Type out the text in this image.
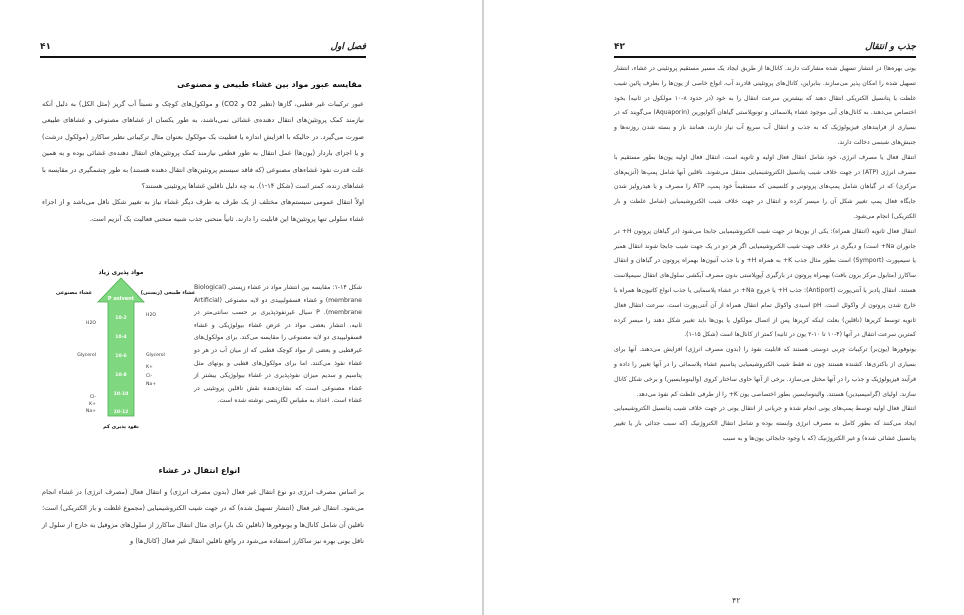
۴۱	فصل اول
مقایسه عبور مواد بین غشاء طبیعی و مصنوعی

عبور ترکیبات غیر قطبی، گازها (نظیر O2 و CO2) و مولکول‌های کوچک و نسبتاً آب گریز (مثل الکل) به دلیل آنکه نیازمند کمک پروتئین‌های انتقال دهنده‌ی غشائی نمی‌باشند، به طور یکسان از غشاهای مصنوعی و غشاهای طبیعی صورت می‌گیرد. در حالیکه با افزایش اندازه یا قطبیت یک مولکول بعنوان مثال ترکیباتی نظیر ساکارز (مولکول درشت) و یا اجزای باردار (یون‌ها) عمل انتقال به طور قطعی نیازمند کمک پروتئین‌های انتقال دهنده‌ی غشائی بوده و به همین علت قدرت نفوذ غشاء‌های مصنوعی (که فاقد سیستم پروتئین‌های انتقال دهنده هستند) به طور چشمگیری در مقایسه با غشاهای زنده، کمتر است (شکل ۱۴-۱). به چه دلیل ناقلین غشاها پروتئینی هستند؟

اولاً انتقال عمومی سیستم‌های مختلف از یک طرف به طرف دیگر غشاء نیاز به تغییر شکل ناقل می‌باشد و از اجزاء غشاء سلولی تنها پروتئین‌ها این قابلیت را دارند. ثانیاً منحنی جذب شبیه منحنی فعالیت یک آنزیم است.

مواد پذیری زیاد
غشاء مصنوعی	غشاء طبیعی (زیستی)
P solvent
10-2
10-4
10-6
10-8
10-10
10-12
H2O
Glycerol
Cl-
K+
Na+
H2O
Glycerol
K+
Cl-
Na+
نفوذ پذیری کم
شکل ۱۴-۱: مقایسه بین انتشار مواد در غشاء زیستی (Biological membrane) و غشاء فسفولیپیدی دو لایه مصنوعی (Artificial membrane). P سیال غیرنفوذپذیری بر حسب سانتی‌متر در ثانیه، انتشار بعضی مواد در عرض غشاء بیولوژیکی و غشاء فسفولیپیدی دو لایه مصنوعی را مقایسه می‌کند. برای مولکول‌های غیرقطبی و بعضی از مواد کوچک قطبی که از میان آب در هر دو غشاء نفوذ می‌کنند. اما برای مولکول‌های قطبی و یونهای مثل پتاسیم و سدیم میزان نفوذپذیری در غشاء بیولوژیکی بیشتر از غشاء مصنوعی است که نشان‌دهنده نقش ناقلین پروتئینی در غشاء است. اعداد به مقیاس لگاریتمی نوشته شده است.
انواع انتقال در غشاء

بر اساس مصرف انرژی دو نوع انتقال غیر فعال (بدون مصرف انرژی) و انتقال فعال (مصرف انرژی) در غشاء انجام می‌شود. انتقال غیر فعال (انتشار تسهیل شده) که در جهت شیب الکتروشیمیایی (مجموع غلظت و بار الکتریکی) است؛ ناقلین آن شامل کانال‌ها و یونوفورها (ناقلین تک بار) برای مثال انتقال ساکارز از سلول‌های مزوفیل به خارج از سلول از ناقل یونی بهره نیز ساکارز استفاده می‌شود در واقع ناقلین انتقال غیر فعال (کانال‌ها) و

۴۲	جذب و انتقال

یونی بهره‌ها) در انتشار تسهیل شده مشارکت دارند. کانال‌ها از طریق ایجاد یک مسیر مستقیم پروتئینی در غشاء، انتشار تسهیل شده را امکان پذیر می‌سازند. بنابراین، کانال‌های پروتئینی قادرند آب، انواع خاصی از یون‌ها را بطرف پائین شیب غلظت یا پتانسیل الکتریکی انتقال دهند که بیشترین سرعت انتقال را به خود (در حدود ۸-۱۰ مولکول در ثانیه) بخود اختصاص می‌دهند. به کانال‌های آبی موجود غشاء پلاسمائی و تونوپلاستی گیاهان آکواپورین (Aquaporin) می‌گویند که در بسیاری از فرایندهای فیزیولوژیک که به جذب و انتقال آب سریع آب نیاز دارند، همانند باز و بسته شدن روزنه‌ها و جنبش‌های شبنمی دخالت دارند.

انتقال فعال یا مصرف انرژی، خود شامل انتقال فعال اولیه و ثانویه است. انتقال فعال اولیه یون‌ها بطور مستقیم با مصرف انرژی (ATP) در جهت خلاف شیب پتانسیل الکتروشیمیایی منتقل می‌شوند. ناقلین آنها شامل پمپ‌ها (آنزیم‌های مرکزی) که در گیاهان شامل پمپ‌های پروتونی و کلسیمی که مستقیماً خود پمپ، ATP را مصرف و یا هیدرولیز شدن جایگاه فعال پمپ تغییر شکل آن را میسر کرده و انتقال در جهت خلاف شیب الکتروشیمیایی (شامل غلظت و بار الکتریکی) انجام می‌شود.

انتقال فعال ثانویه (انتقال همراه): یکی از یون‌ها در جهت شیب الکتروشیمیایی جابجا می‌شود (در گیاهان پروتون H+ در جانوران Na+ است) و دیگری در خلاف جهت شیب الکتروشیمیایی اگر هر دو در یک جهت شیب جابجا شوند انتقال همبر یا سیمپورت (Symport) است بطور مثال جذب K+ به همراه H+ و یا جذب آنیون‌ها بهمراه پروتون در گیاهان و انتقال ساکارز (متابول مرکز برون بافت) بهمراه پروتون در بارگیری آپوپلاستی بدون مصرف آبکشی سلول‌های انتقال سیمپلاست هستند. انتقال پادبر یا آنتی‌پورت (Antiport): جذب H+ یا خروج Na+ در غشاء پلاسمایی یا جذب انواع کاتیون‌ها همراه با خارج شدن پروتون از واکوئل است. pH اسیدی واکوئل تمام انتقال همراه از آن آنتی‌پورت است. سرعت انتقال فعال ثانویه توسط کریرها (ناقلین) بعلت اینکه کریرها پس از اتصال مولکول یا یون‌ها باید تغییر شکل دهند را میسر کرده کمترین سرعت انتقال در آنها (۴-۱۰ تا ۱۰-۲ یون در ثانیه) کمتر از کانال‌ها است (شکل ۱۵-۱).

یونوفورها (یون‌بر) ترکیبات چربی دوستی هستند که قابلیت نفوذ را (بدون مصرف انرژی) افزایش می‌دهند. آنها برای بسیاری از باکتری‌ها، کشنده هستند چون نه فقط شیب الکتروشیمیایی پتاسیم غشاء پلاسمائی را در آنها تغییر را داده و فرآیند فیزیولوژیک و جذب را در آنها مختل می‌سازد. برخی از آنها حاوی ساختار کروی (والینومایسین) و برخی شکل کانال سازند. اولیای (گرامیسیدین) هستند. والینومایسین بطور اختصاصی یون K+ را از طرفی غلظت کم نفوذ می‌دهد.

انتقال فعال اولیه توسط پمپ‌های یونی انجام شده و جریانی از انتقال یونی در جهت خلاف شیب پتانسیل الکتروشیمیایی ایجاد می‌کنند که بطور کامل به مصرف انرژی وابسته بوده و شامل انتقال الکتروژنیک (که سبب جدائی بار یا تغییر پتانسیل غشائی شده) و غیر الکتروژنیک (که با وجود جابجائی یون‌ها و به سبب

۴۲
